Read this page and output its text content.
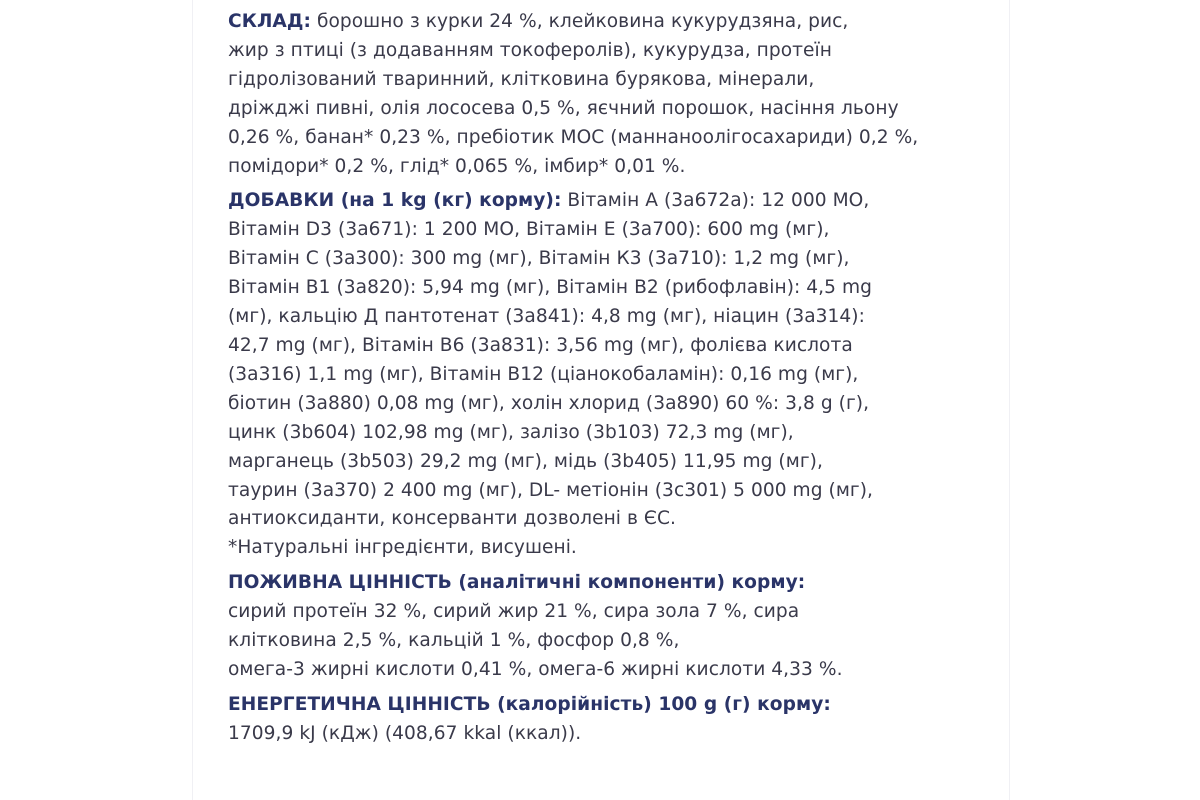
СКЛАД: борошно з курки 24 %, клейковина кукурудзяна, рис,
жир з птиці (з додаванням токоферолів), кукурудза, протеїн
гідролізований тваринний, клітковина бурякова, мінерали,
дріжджі пивні, олія лососева 0,5 %, яєчний порошок, насіння льону
0,26 %, банан* 0,23 %, пребіотик МОС (маннаноолігосахариди) 0,2 %,
помідори* 0,2 %, глід* 0,065 %, імбир* 0,01 %.
ДОБАВКИ (на 1 kg (кг) корму): Вітамін А (3а672а): 12 000 МО,
Вітамін D3 (3а671): 1 200 МО, Вітамін Е (3а700): 600 mg (мг),
Вітамін С (3а300): 300 mg (мг), Вітамін К3 (3а710): 1,2 mg (мг),
Вітамін В1 (3а820): 5,94 mg (мг), Вітамін В2 (рибофлавін): 4,5 mg
(мг), кальцію Д пантотенат (3а841): 4,8 mg (мг), ніацин (3а314):
42,7 mg (мг), Вітамін В6 (3а831): 3,56 mg (мг), фолієва кислота
(3а316) 1,1 mg (мг), Вітамін В12 (ціанокобаламін): 0,16 mg (мг),
біотин (3а880) 0,08 mg (мг), холін хлорид (3а890) 60 %: 3,8 g (г),
цинк (3b604) 102,98 mg (мг), залізо (3b103) 72,3 mg (мг),
марганець (3b503) 29,2 mg (мг), мідь (3b405) 11,95 mg (мг),
таурин (3а370) 2 400 mg (мг), DL- метіонін (3с301) 5 000 mg (мг),
антиоксиданти, консерванти дозволені в ЄС.
*Натуральні інгредієнти, висушені.
ПОЖИВНА ЦІННІСТЬ (аналітичні компоненти) корму:
сирий протеїн 32 %, сирий жир 21 %, сира зола 7 %, сира
клітковина 2,5 %, кальцій 1 %, фосфор 0,8 %,
омега-3 жирні кислоти 0,41 %, омега-6 жирні кислоти 4,33 %.
ЕНЕРГЕТИЧНА ЦІННІСТЬ (калорійність) 100 g (г) корму:
1709,9 kJ (кДж) (408,67 kkal (ккал)).
